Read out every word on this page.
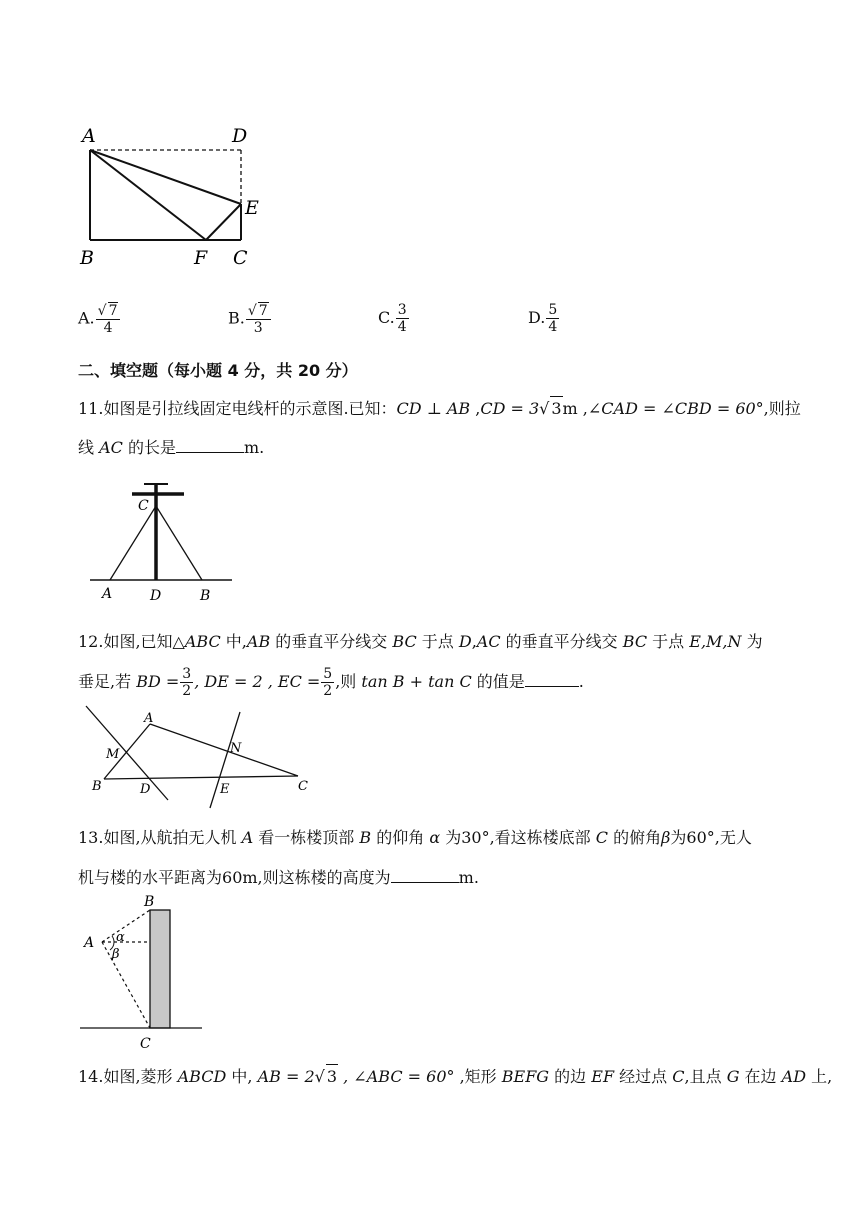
A	D
E
B	F C
A. $\frac{√ 7}{4}$	B. $\frac{√ 7}{3}$	C. $\frac{3}{4}$	D. $\frac{5}{4}$
二、填空题（每小题 4 分，共 20 分）
11.如图是引拉线固定电线杆的示意图.已知：CD ⊥ AB ,CD = 3√ 3m ,∠CAD = ∠CBD = 60°,则拉
线 AC 的长是	m.
C
A	D	B
12.如图,已知△ABC 中,AB 的垂直平分线交 BC 于点 D,AC 的垂直平分线交 BC 于点 E,M,N 为
垂足,若 BD = $\frac{3}{2}$ , DE = 2 , EC = $\frac{5}{2}$ ,则 tan B + tan C 的值是	.
A
M	N
B	D	E	C
13.如图,从航拍无人机 A 看一栋楼顶部 B 的仰角 α 为30°,看这栋楼底部 C 的俯角β为60°,无人
机与楼的水平距离为60m,则这栋楼的高度为	m.
B
A α
β
C
14.如图,菱形 ABCD 中, AB = 2√ 3 , ∠ABC = 60° ,矩形 BEFG 的边 EF 经过点 C,且点 G 在边 AD 上,
